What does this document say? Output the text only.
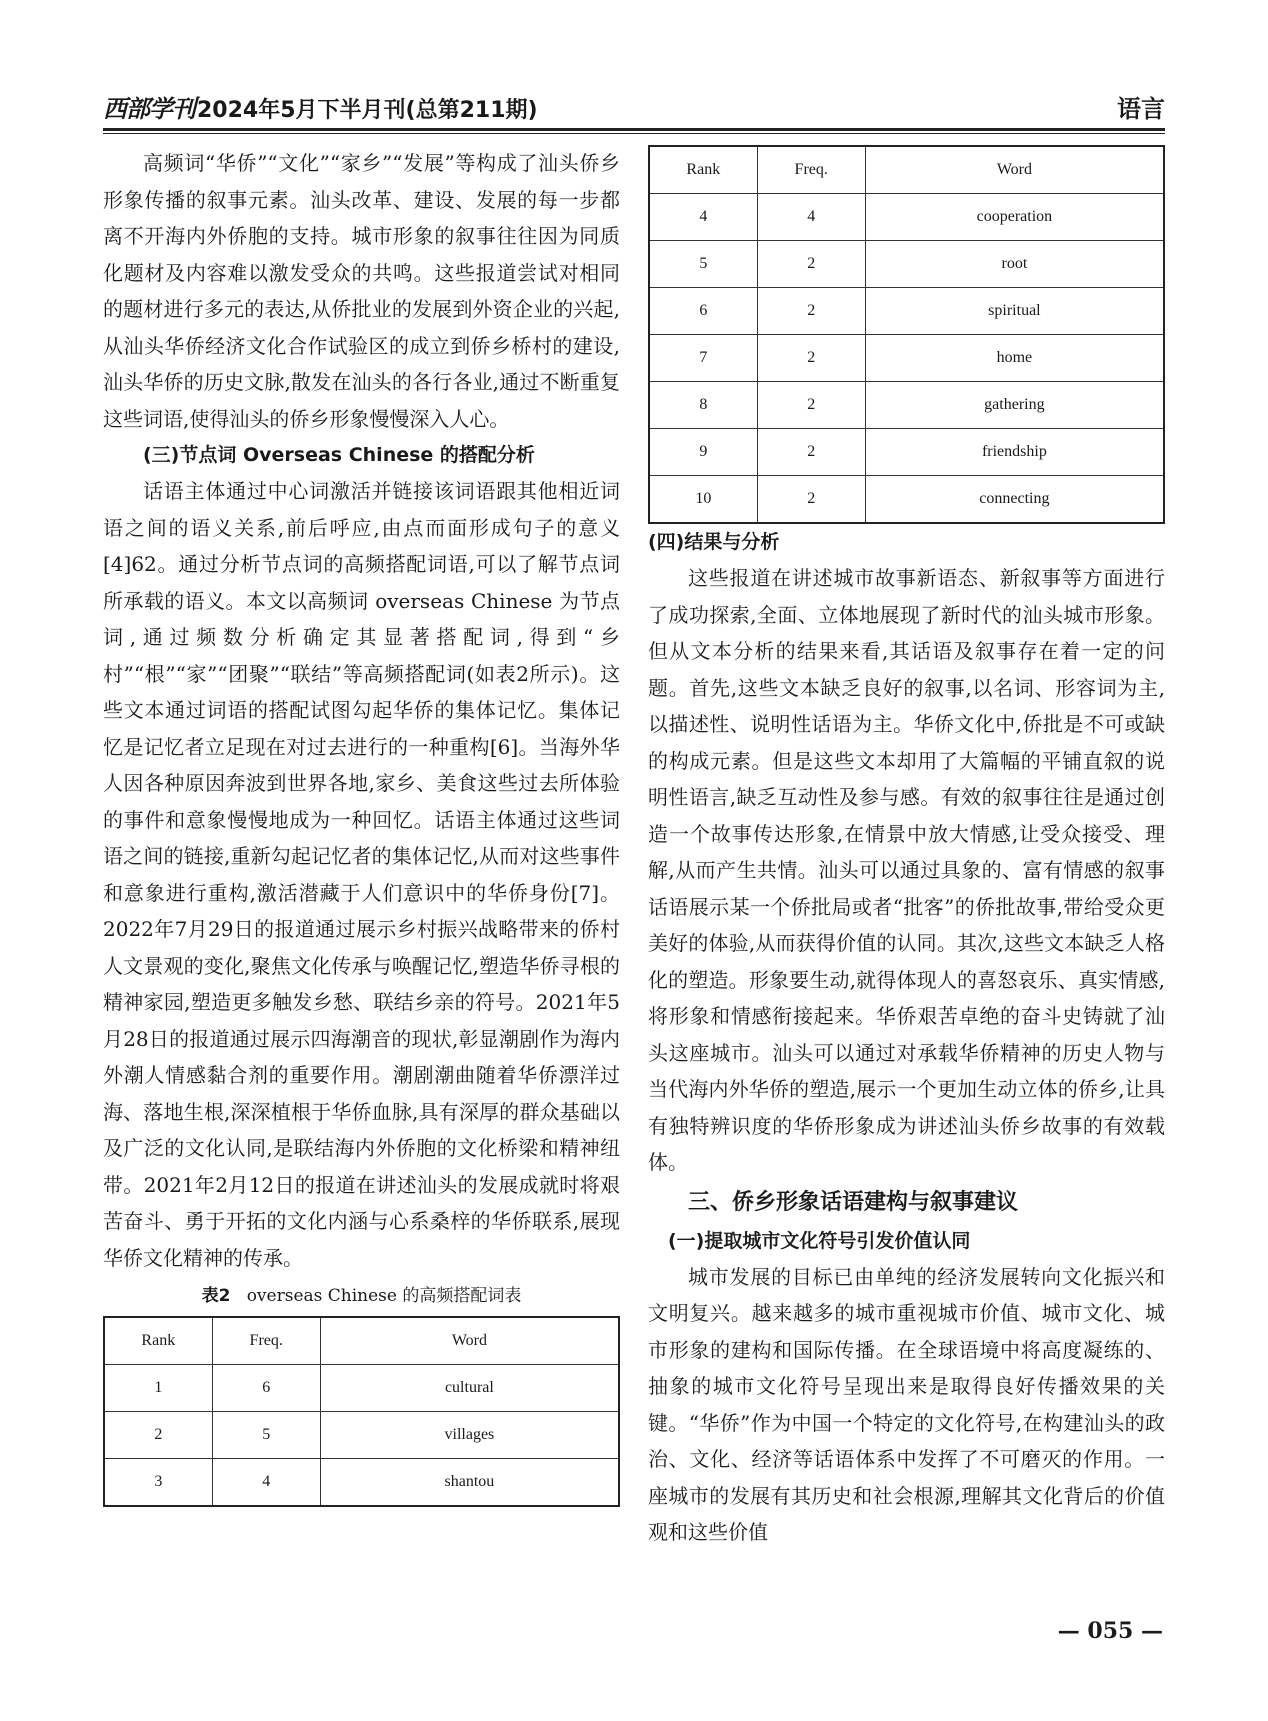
西部学刊 2024年5月下半月刊(总第211期)	语言

高频词“华侨”“文化”“家乡”“发展”等构成了汕头侨乡形象传播的叙事元素。汕头改革、建设、发展的每一步都离不开海内外侨胞的支持。城市形象的叙事往往因为同质化题材及内容难以激发受众的共鸣。这些报道尝试对相同的题材进行多元的表达,从侨批业的发展到外资企业的兴起,从汕头华侨经济文化合作试验区的成立到侨乡桥村的建设,汕头华侨的历史文脉,散发在汕头的各行各业,通过不断重复这些词语,使得汕头的侨乡形象慢慢深入人心。

(三)节点词 Overseas Chinese 的搭配分析

话语主体通过中心词激活并链接该词语跟其他相近词语之间的语义关系,前后呼应,由点而面形成句子的意义[4]62。通过分析节点词的高频搭配词语,可以了解节点词所承载的语义。本文以高频词 overseas Chinese 为节点词,通过频数分析确定其显著搭配词,得到“乡村”“根”“家”“团聚”“联结”等高频搭配词(如表2所示)。这些文本通过词语的搭配试图勾起华侨的集体记忆。集体记忆是记忆者立足现在对过去进行的一种重构[6]。当海外华人因各种原因奔波到世界各地,家乡、美食这些过去所体验的事件和意象慢慢地成为一种回忆。话语主体通过这些词语之间的链接,重新勾起记忆者的集体记忆,从而对这些事件和意象进行重构,激活潜藏于人们意识中的华侨身份[7]。2022年7月29日的报道通过展示乡村振兴战略带来的侨村人文景观的变化,聚焦文化传承与唤醒记忆,塑造华侨寻根的精神家园,塑造更多触发乡愁、联结乡亲的符号。2021年5月28日的报道通过展示四海潮音的现状,彰显潮剧作为海内外潮人情感黏合剂的重要作用。潮剧潮曲随着华侨漂洋过海、落地生根,深深植根于华侨血脉,具有深厚的群众基础以及广泛的文化认同,是联结海内外侨胞的文化桥梁和精神纽带。2021年2月12日的报道在讲述汕头的发展成就时将艰苦奋斗、勇于开拓的文化内涵与心系桑梓的华侨联系,展现华侨文化精神的传承。

表2 overseas Chinese 的高频搭配词表
Rank	Freq.	Word
1	6	cultural
2	5	villages
3	4	shantou
Rank	Freq.	Word
4	4	cooperation
5	2	root
6	2	spiritual
7	2	home
8	2	gathering
9	2	friendship
10	2	connecting
(四)结果与分析

这些报道在讲述城市故事新语态、新叙事等方面进行了成功探索,全面、立体地展现了新时代的汕头城市形象。但从文本分析的结果来看,其话语及叙事存在着一定的问题。首先,这些文本缺乏良好的叙事,以名词、形容词为主,以描述性、说明性话语为主。华侨文化中,侨批是不可或缺的构成元素。但是这些文本却用了大篇幅的平铺直叙的说明性语言,缺乏互动性及参与感。有效的叙事往往是通过创造一个故事传达形象,在情景中放大情感,让受众接受、理解,从而产生共情。汕头可以通过具象的、富有情感的叙事话语展示某一个侨批局或者“批客”的侨批故事,带给受众更美好的体验,从而获得价值的认同。其次,这些文本缺乏人格化的塑造。形象要生动,就得体现人的喜怒哀乐、真实情感,将形象和情感衔接起来。华侨艰苦卓绝的奋斗史铸就了汕头这座城市。汕头可以通过对承载华侨精神的历史人物与当代海内外华侨的塑造,展示一个更加生动立体的侨乡,让具有独特辨识度的华侨形象成为讲述汕头侨乡故事的有效载体。

三、侨乡形象话语建构与叙事建议
(一)提取城市文化符号引发价值认同

城市发展的目标已由单纯的经济发展转向文化振兴和文明复兴。越来越多的城市重视城市价值、城市文化、城市形象的建构和国际传播。在全球语境中将高度凝练的、抽象的城市文化符号呈现出来是取得良好传播效果的关键。“华侨”作为中国一个特定的文化符号,在构建汕头的政治、文化、经济等话语体系中发挥了不可磨灭的作用。一座城市的发展有其历史和社会根源,理解其文化背后的价值观和这些价值

— 055 —
